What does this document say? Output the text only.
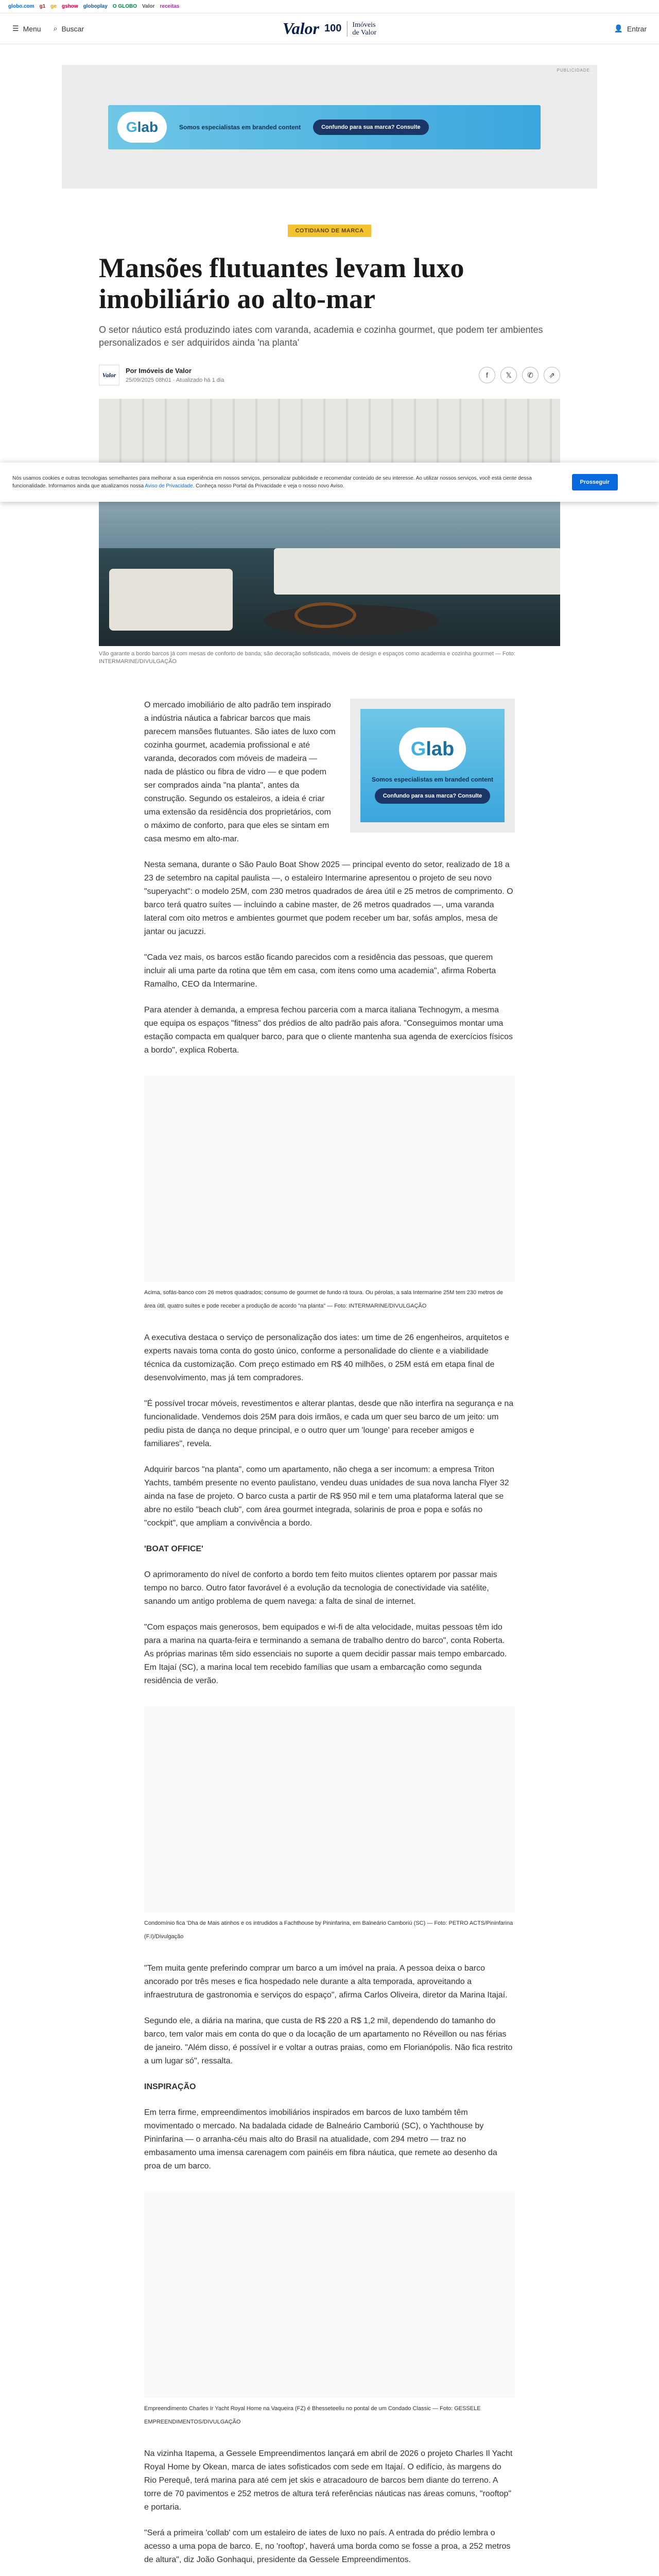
globo.com g1 ge gshow globoplay O GLOBO Valor receitas
☰ Menu ⌕ Buscar	Valor 100 Imóveis
de Valor	👤 Entrar
PUBLICIDADE
G lab	Somos especialistas em branded content	Confundo para sua marca? Consulte
COTIDIANO DE MARCA
Mansões flutuantes levam luxo imobiliário ao alto-mar

O setor náutico está produzindo iates com varanda, academia e cozinha gourmet, que podem ter ambientes personalizados e ser adquiridos ainda 'na planta'

Valor
Por Imóveis de Valor
25/09/2025 08h01 · Atualizado há 1 dia
f	𝕏	✆	⇗

Vão garante a bordo barcos já com mesas de conforto de banda; são decoração sofisticada, móveis de design e espaços como academia e cozinha gourmet — Foto: INTERMARINE/DIVULGAÇÃO

Nós usamos cookies e outras tecnologias semelhantes para melhorar a sua experiência em nossos serviços, personalizar publicidade e recomendar conteúdo de seu interesse. Ao utilizar nossos serviços, você está ciente dessa funcionalidade. Informamos ainda que atualizamos nossa Aviso de Privacidade. Conheça nosso Portal da Privacidade e veja o nosso novo Aviso.

Prosseguir

O mercado imobiliário de alto padrão tem inspirado a indústria náutica a fabricar barcos que mais parecem mansões flutuantes. São iates de luxo com cozinha gourmet, academia profissional e até varanda, decorados com móveis de madeira — nada de plástico ou fibra de vidro — e que podem ser comprados ainda "na planta", antes da construção. Segundo os estaleiros, a ideia é criar uma extensão da residência dos proprietários, com o máximo de conforto, para que eles se sintam em casa mesmo em alto-mar.

G lab
Somos especialistas em branded content
Confundo para sua marca? Consulte

Nesta semana, durante o São Paulo Boat Show 2025 — principal evento do setor, realizado de 18 a 23 de setembro na capital paulista —, o estaleiro Intermarine apresentou o projeto de seu novo "superyacht": o modelo 25M, com 230 metros quadrados de área útil e 25 metros de comprimento. O barco terá quatro suítes — incluindo a cabine master, de 26 metros quadrados —, uma varanda lateral com oito metros e ambientes gourmet que podem receber um bar, sofás amplos, mesa de jantar ou jacuzzi.

"Cada vez mais, os barcos estão ficando parecidos com a residência das pessoas, que querem incluir ali uma parte da rotina que têm em casa, com itens como uma academia", afirma Roberta Ramalho, CEO da Intermarine.

Para atender à demanda, a empresa fechou parceria com a marca italiana Technogym, a mesma que equipa os espaços "fitness" dos prédios de alto padrão pais afora. "Conseguimos montar uma estação compacta em qualquer barco, para que o cliente mantenha sua agenda de exercícios físicos a bordo", explica Roberta.

Acima, sofás-banco com 26 metros quadrados; consumo de gourmet de fundo rá toura. Ou pérolas, a sala Intermarine 25M tem 230 metros de área útil, quatro suítes e pode receber a produção de acordo "na planta" — Foto: INTERMARINE/DIVULGAÇÃO

A executiva destaca o serviço de personalização dos iates: um time de 26 engenheiros, arquitetos e experts navais toma conta do gosto único, conforme a personalidade do cliente e a viabilidade técnica da customização. Com preço estimado em R$ 40 milhões, o 25M está em etapa final de desenvolvimento, mas já tem compradores.

"É possível trocar móveis, revestimentos e alterar plantas, desde que não interfira na segurança e na funcionalidade. Vendemos dois 25M para dois irmãos, e cada um quer seu barco de um jeito: um pediu pista de dança no deque principal, e o outro quer um 'lounge' para receber amigos e familiares", revela.

Adquirir barcos "na planta", como um apartamento, não chega a ser incomum: a empresa Triton Yachts, também presente no evento paulistano, vendeu duas unidades de sua nova lancha Flyer 32 ainda na fase de projeto. O barco custa a partir de R$ 950 mil e tem uma plataforma lateral que se abre no estilo "beach club", com área gourmet integrada, solarinis de proa e popa e sofás no "cockpit", que ampliam a convivência a bordo.

'BOAT OFFICE'

O aprimoramento do nível de conforto a bordo tem feito muitos clientes optarem por passar mais tempo no barco. Outro fator favorável é a evolução da tecnologia de conectividade via satélite, sanando um antigo problema de quem navega: a falta de sinal de internet.

"Com espaços mais generosos, bem equipados e wi-fi de alta velocidade, muitas pessoas têm ido para a marina na quarta-feira e terminando a semana de trabalho dentro do barco", conta Roberta. As próprias marinas têm sido essenciais no suporte a quem decidir passar mais tempo embarcado. Em Itajaí (SC), a marina local tem recebido famílias que usam a embarcação como segunda residência de verão.

Condomínio fica 'Dha de Mais atinhos e os intrudidos a Fachthouse by Pininfarina, em Balneário Camboriú (SC) — Foto: PETRO ACTS/Pininfarina (F.I)/Divulgação

"Tem muita gente preferindo comprar um barco a um imóvel na praia. A pessoa deixa o barco ancorado por três meses e fica hospedado nele durante a alta temporada, aproveitando a infraestrutura de gastronomia e serviços do espaço", afirma Carlos Oliveira, diretor da Marina Itajaí.

Segundo ele, a diária na marina, que custa de R$ 220 a R$ 1,2 mil, dependendo do tamanho do barco, tem valor mais em conta do que o da locação de um apartamento no Réveillon ou nas férias de janeiro. "Além disso, é possível ir e voltar a outras praias, como em Florianópolis. Não fica restrito a um lugar só", ressalta.

INSPIRAÇÃO

Em terra firme, empreendimentos imobiliários inspirados em barcos de luxo também têm movimentado o mercado. Na badalada cidade de Balneário Camboriú (SC), o Yachthouse by Pininfarina — o arranha-céu mais alto do Brasil na atualidade, com 294 metro — traz no embasamento uma imensa carenagem com painéis em fibra náutica, que remete ao desenho da proa de um barco.

Empreendimento Charles Ir Yacht Royal Home na Vaqueira (FZ) é Bhesseteeliu no pontal de um Condado Classic — Foto: GESSELE EMPREENDIMENTOS/DIVULGAÇÃO

Na vizinha Itapema, a Gessele Empreendimentos lançará em abril de 2026 o projeto Charles Il Yacht Royal Home by Okean, marca de iates sofisticados com sede em Itajaí. O edifício, às margens do Rio Perequê, terá marina para até cem jet skis e atracadouro de barcos bem diante do terreno. A torre de 70 pavimentos e 252 metros de altura terá referências náuticas nas áreas comuns, "rooftop" e portaria.

"Será a primeira 'collab' com um estaleiro de iates de luxo no país. A entrada do prédio lembra o acesso a uma popa de barco. E, no 'rooftop', haverá uma borda como se fosse a proa, a 252 metros de altura", diz João Gonhaqui, presidente da Gessele Empreendimentos.
